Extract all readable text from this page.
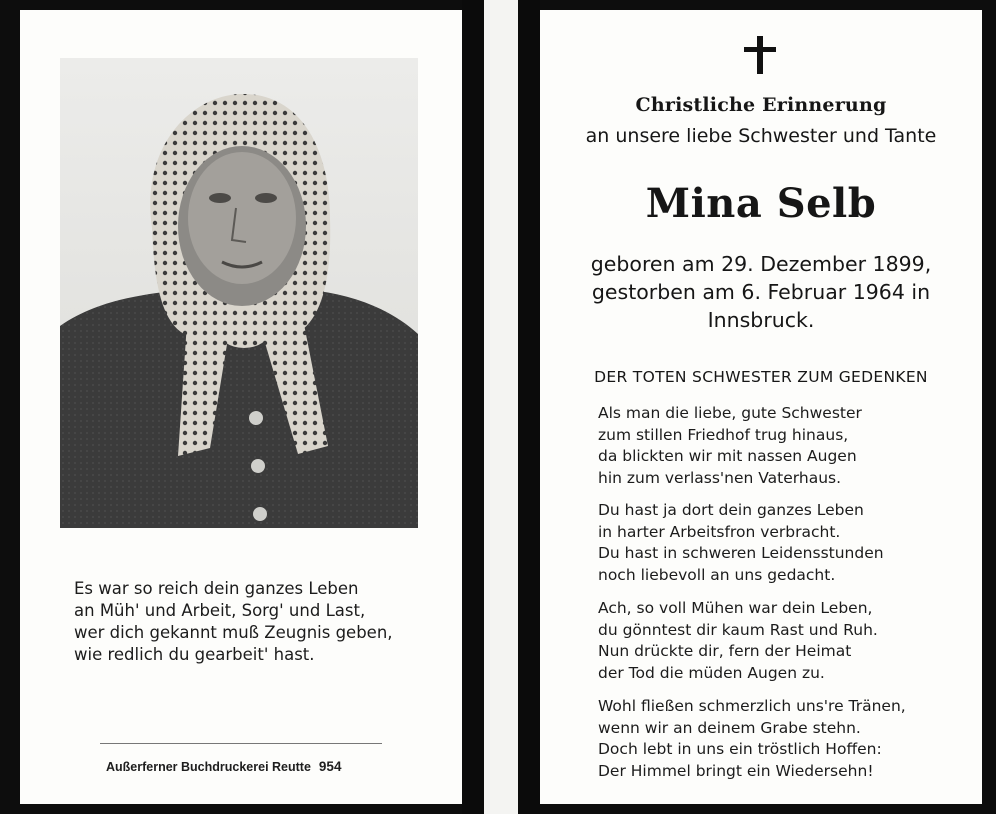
Es war so reich dein ganzes Leben
an Müh' und Arbeit, Sorg' und Last,
wer dich gekannt muß Zeugnis geben,
wie redlich du gearbeit' hast.
Außerferner Buchdruckerei Reutte 954
Christliche Erinnerung
an unsere liebe Schwester und Tante
Mina Selb
geboren am 29. Dezember 1899,
gestorben am 6. Februar 1964 in
Innsbruck.
DER TOTEN SCHWESTER ZUM GEDENKEN
Als man die liebe, gute Schwester
zum stillen Friedhof trug hinaus,
da blickten wir mit nassen Augen
hin zum verlass'nen Vaterhaus.
Du hast ja dort dein ganzes Leben
in harter Arbeitsfron verbracht.
Du hast in schweren Leidensstunden
noch liebevoll an uns gedacht.
Ach, so voll Mühen war dein Leben,
du gönntest dir kaum Rast und Ruh.
Nun drückte dir, fern der Heimat
der Tod die müden Augen zu.
Wohl fließen schmerzlich uns're Tränen,
wenn wir an deinem Grabe stehn.
Doch lebt in uns ein tröstlich Hoffen:
Der Himmel bringt ein Wiedersehn!
